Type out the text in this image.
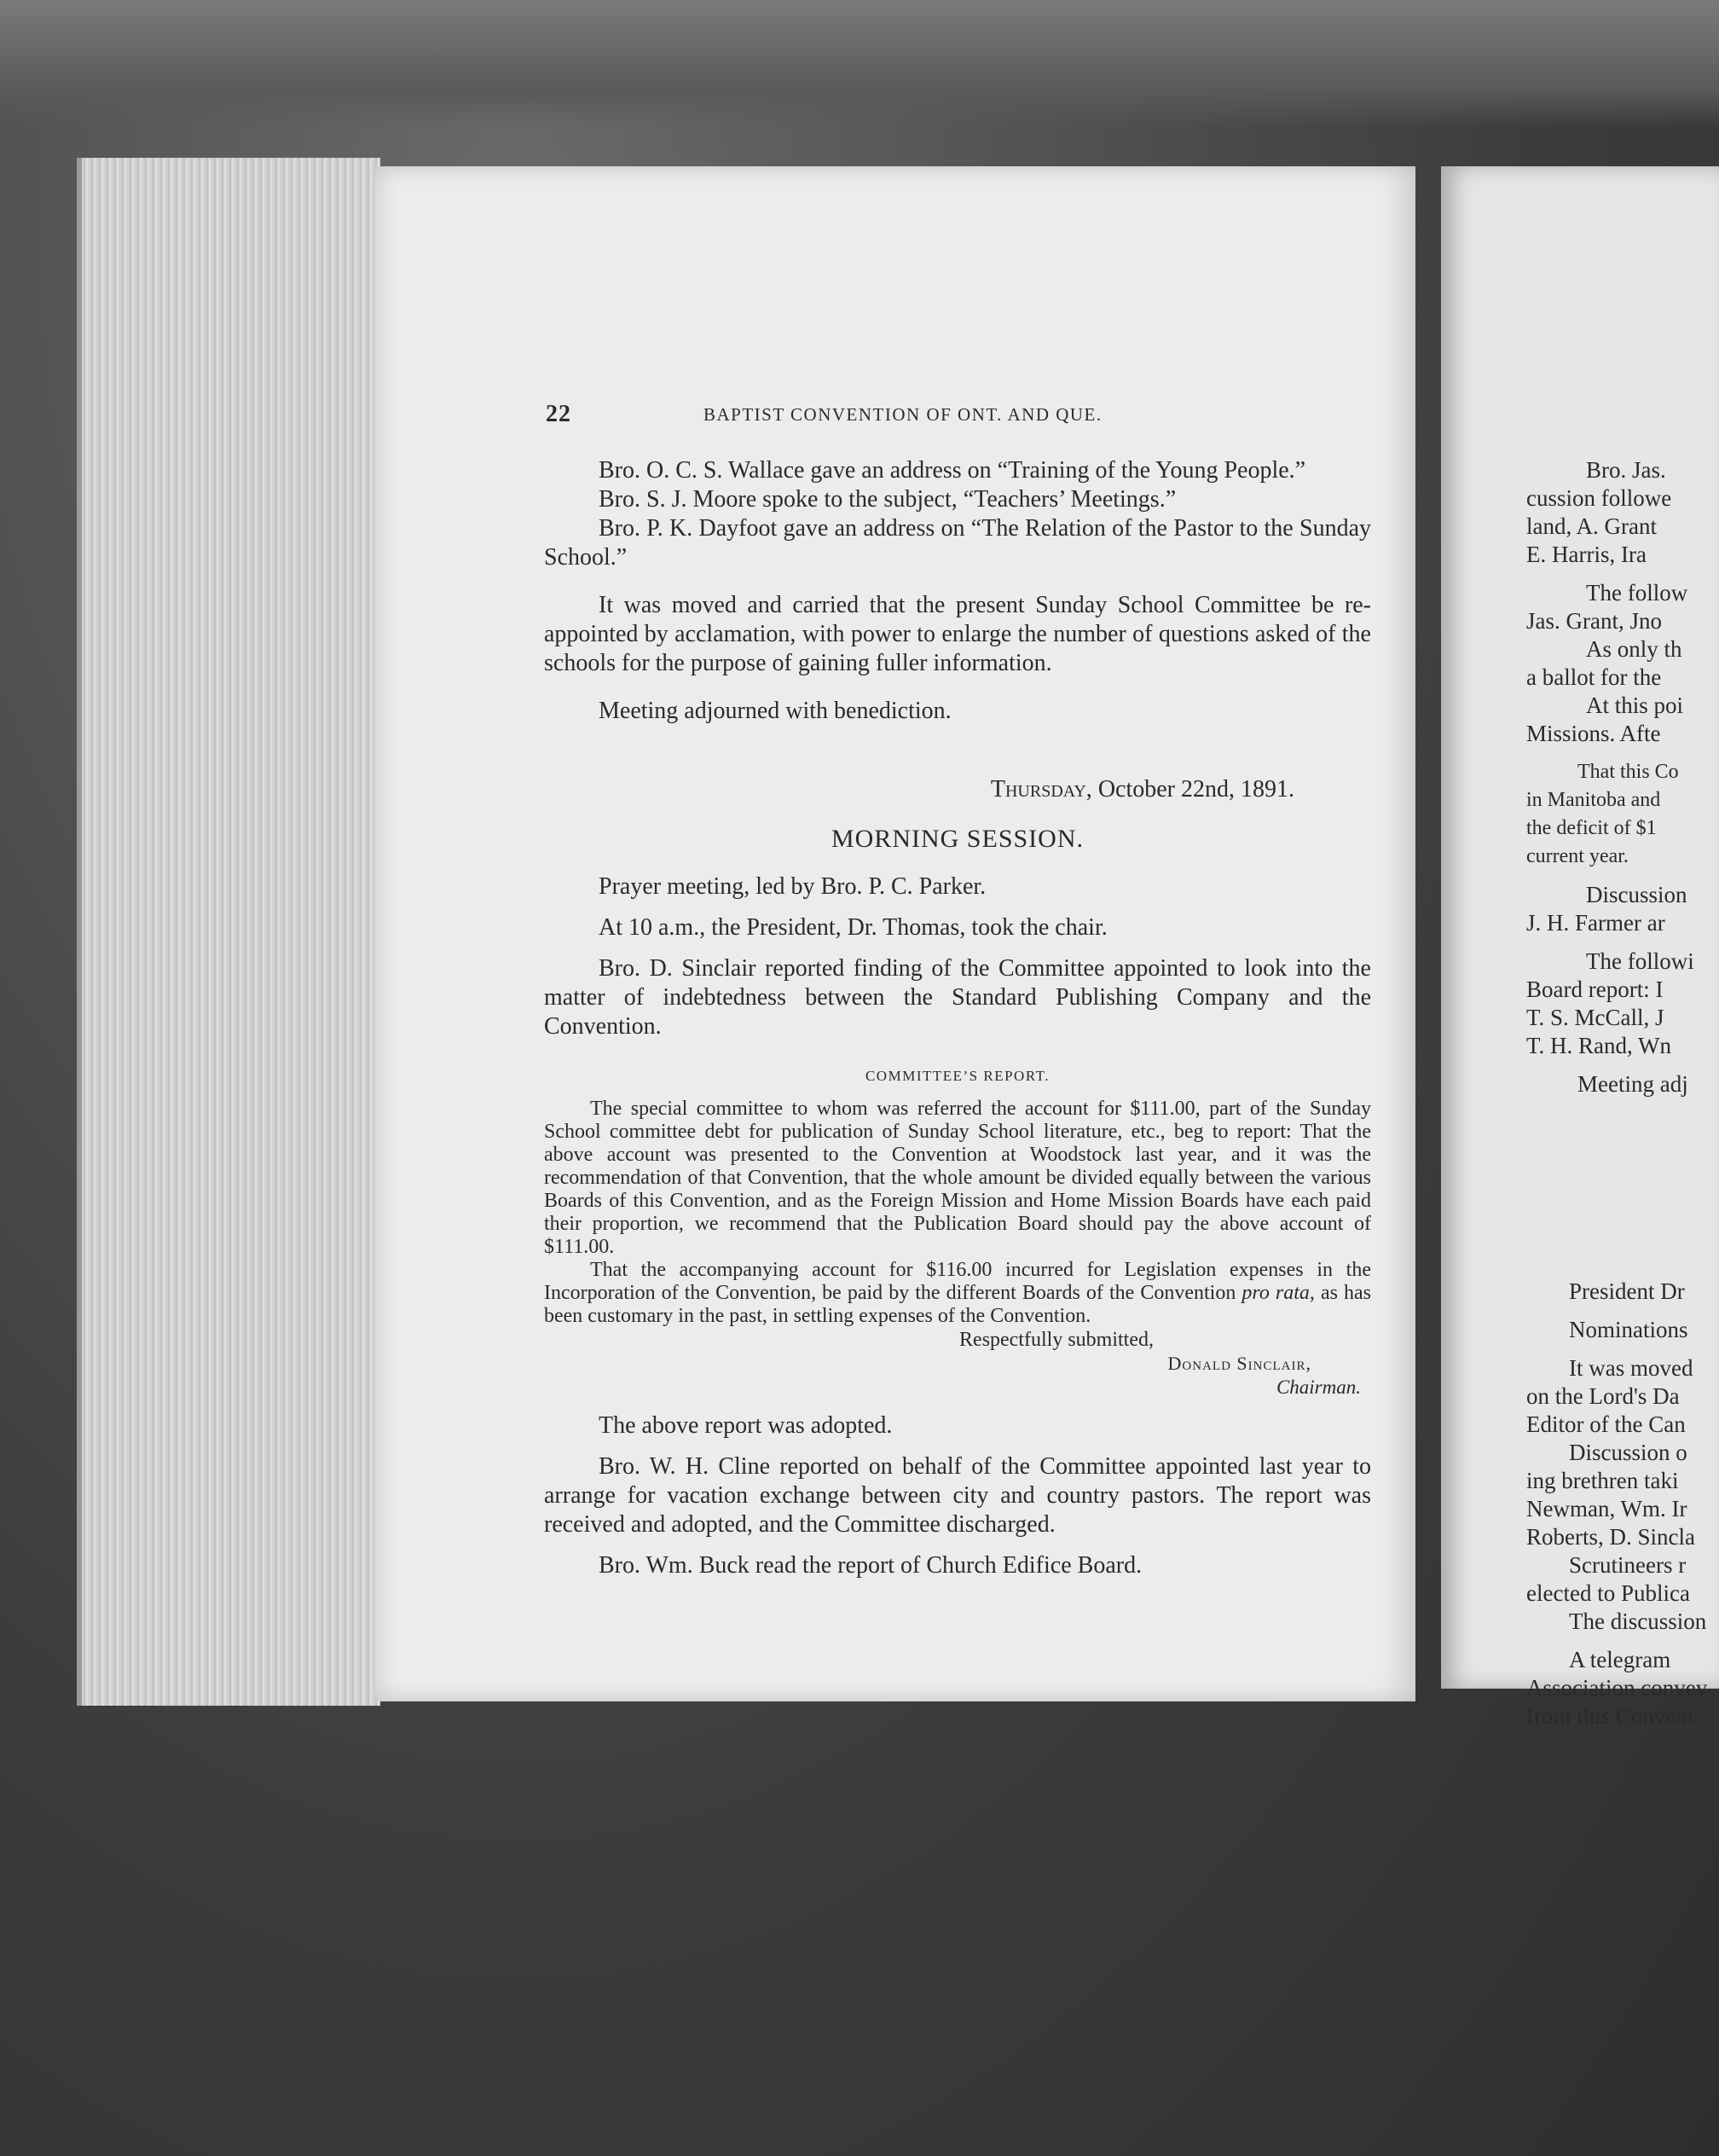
22	BAPTIST CONVENTION OF ONT. AND QUE.

Bro. O. C. S. Wallace gave an address on “Training of the Young People.”

Bro. S. J. Moore spoke to the subject, “Teachers’ Meetings.”

Bro. P. K. Dayfoot gave an address on “The Relation of the Pastor to the Sunday School.”

It was moved and carried that the present Sunday School Committee be re-appointed by acclamation, with power to enlarge the number of questions asked of the schools for the purpose of gaining fuller information.

Meeting adjourned with benediction.

Thursday, October 22nd, 1891.

MORNING SESSION.

Prayer meeting, led by Bro. P. C. Parker.

At 10 a.m., the President, Dr. Thomas, took the chair.

Bro. D. Sinclair reported finding of the Committee appointed to look into the matter of indebtedness between the Standard Publishing Company and the Convention.

COMMITTEE’S REPORT.

The special committee to whom was referred the account for $111.00, part of the Sunday School committee debt for publication of Sunday School literature, etc., beg to report: That the above account was presented to the Convention at Woodstock last year, and it was the recommendation of that Convention, that the whole amount be divided equally between the various Boards of this Convention, and as the Foreign Mission and Home Mission Boards have each paid their proportion, we recommend that the Publication Board should pay the above account of $111.00.

That the accompanying account for $116.00 incurred for Legislation expenses in the Incorporation of the Convention, be paid by the different Boards of the Convention pro rata, as has been customary in the past, in settling expenses of the Convention.

Respectfully submitted,

Donald Sinclair,

Chairman.

The above report was adopted.

Bro. W. H. Cline reported on behalf of the Committee appointed last year to arrange for vacation exchange between city and country pastors. The report was received and adopted, and the Committee discharged.

Bro. Wm. Buck read the report of Church Edifice Board.

Bro. Jas.
cussion followe
land, A. Grant
E. Harris, Ira
The follow
Jas. Grant, Jno
As only th
a ballot for the
At this poi
Missions. Afte
That this Co
in Manitoba and
the deficit of $1
current year.
Discussion
J. H. Farmer ar
The followi
Board report: I
T. S. McCall, J
T. H. Rand, Wn
Meeting adj
President Dr
Nominations
It was moved
on the Lord's Da
Editor of the Can
Discussion o
ing brethren taki
Newman, Wm. Ir
Roberts, D. Sincla
Scrutineers r
elected to Publica
The discussion
A telegram
Association convey
from this Convent
